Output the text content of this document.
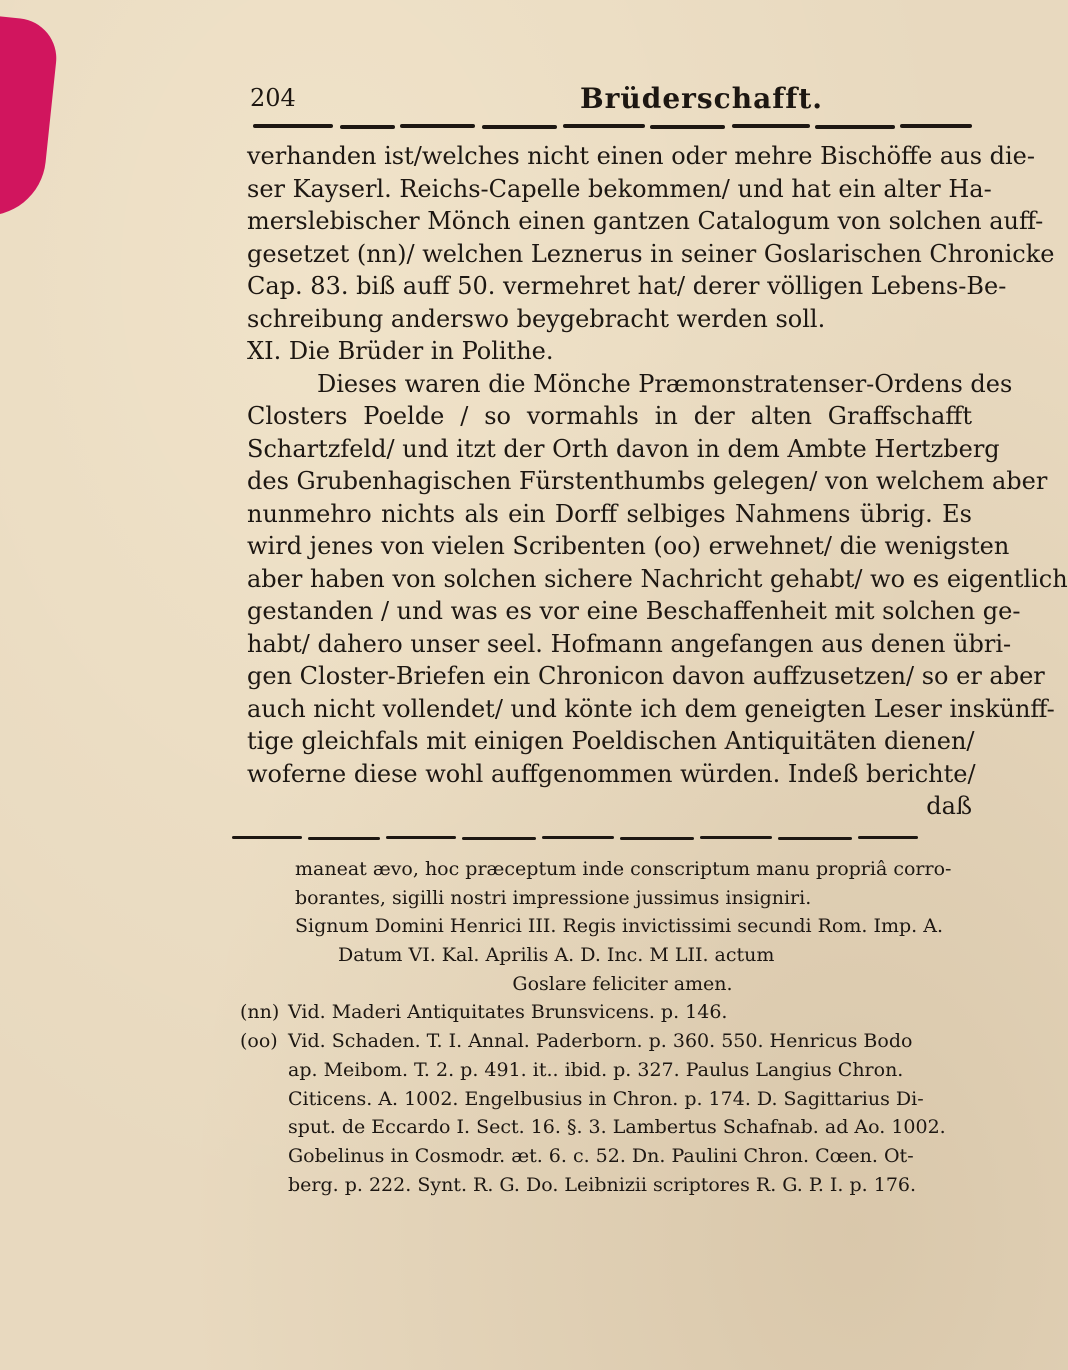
204	Brüderschafft.
verhanden ist/welches nicht einen oder mehre Bischöffe aus die-
ser Kayserl. Reichs-Capelle bekommen/ und hat ein alter Ha-
merslebischer Mönch einen gantzen Catalogum von solchen auff-
gesetzet (nn)/ welchen Leznerus in seiner Goslarischen Chronicke
Cap. 83. biß auff 50. vermehret hat/ derer völligen Lebens-Be-
schreibung anderswo beygebracht werden soll.
XI. Die Brüder in Polithe.
Dieses waren die Mönche Præmonstratenser-Ordens des
Closters Poelde / so vormahls in der alten Graffschafft
Schartzfeld/ und itzt der Orth davon in dem Ambte Hertzberg
des Grubenhagischen Fürstenthumbs gelegen/ von welchem aber
nunmehro nichts als ein Dorff selbiges Nahmens übrig. Es
wird jenes von vielen Scribenten (oo) erwehnet/ die wenigsten
aber haben von solchen sichere Nachricht gehabt/ wo es eigentlich
gestanden / und was es vor eine Beschaffenheit mit solchen ge-
habt/ dahero unser seel. Hofmann angefangen aus denen übri-
gen Closter-Briefen ein Chronicon davon auffzusetzen/ so er aber
auch nicht vollendet/ und könte ich dem geneigten Leser inskünff-
tige gleichfals mit einigen Poeldischen Antiquitäten dienen/
woferne diese wohl auffgenommen würden. Indeß berichte/
daß
maneat ævo, hoc præceptum inde conscriptum manu propriâ corro-
borantes, sigilli nostri impressione jussimus insigniri.
Signum Domini Henrici III. Regis invictissimi secundi Rom. Imp. A.
Datum VI. Kal. Aprilis A. D. Inc. M LII. actum
Goslare feliciter amen.
(nn) Vid. Maderi Antiquitates Brunsvicens. p. 146.
(oo) Vid. Schaden. T. I. Annal. Paderborn. p. 360. 550. Henricus Bodo
ap. Meibom. T. 2. p. 491. it.. ibid. p. 327. Paulus Langius Chron.
Citicens. A. 1002. Engelbusius in Chron. p. 174. D. Sagittarius Di-
sput. de Eccardo I. Sect. 16. §. 3. Lambertus Schafnab. ad Ao. 1002.
Gobelinus in Cosmodr. æt. 6. c. 52. Dn. Paulini Chron. Cœen. Ot-
berg. p. 222. Synt. R. G. Do. Leibnizii scriptores R. G. P. I. p. 176.
